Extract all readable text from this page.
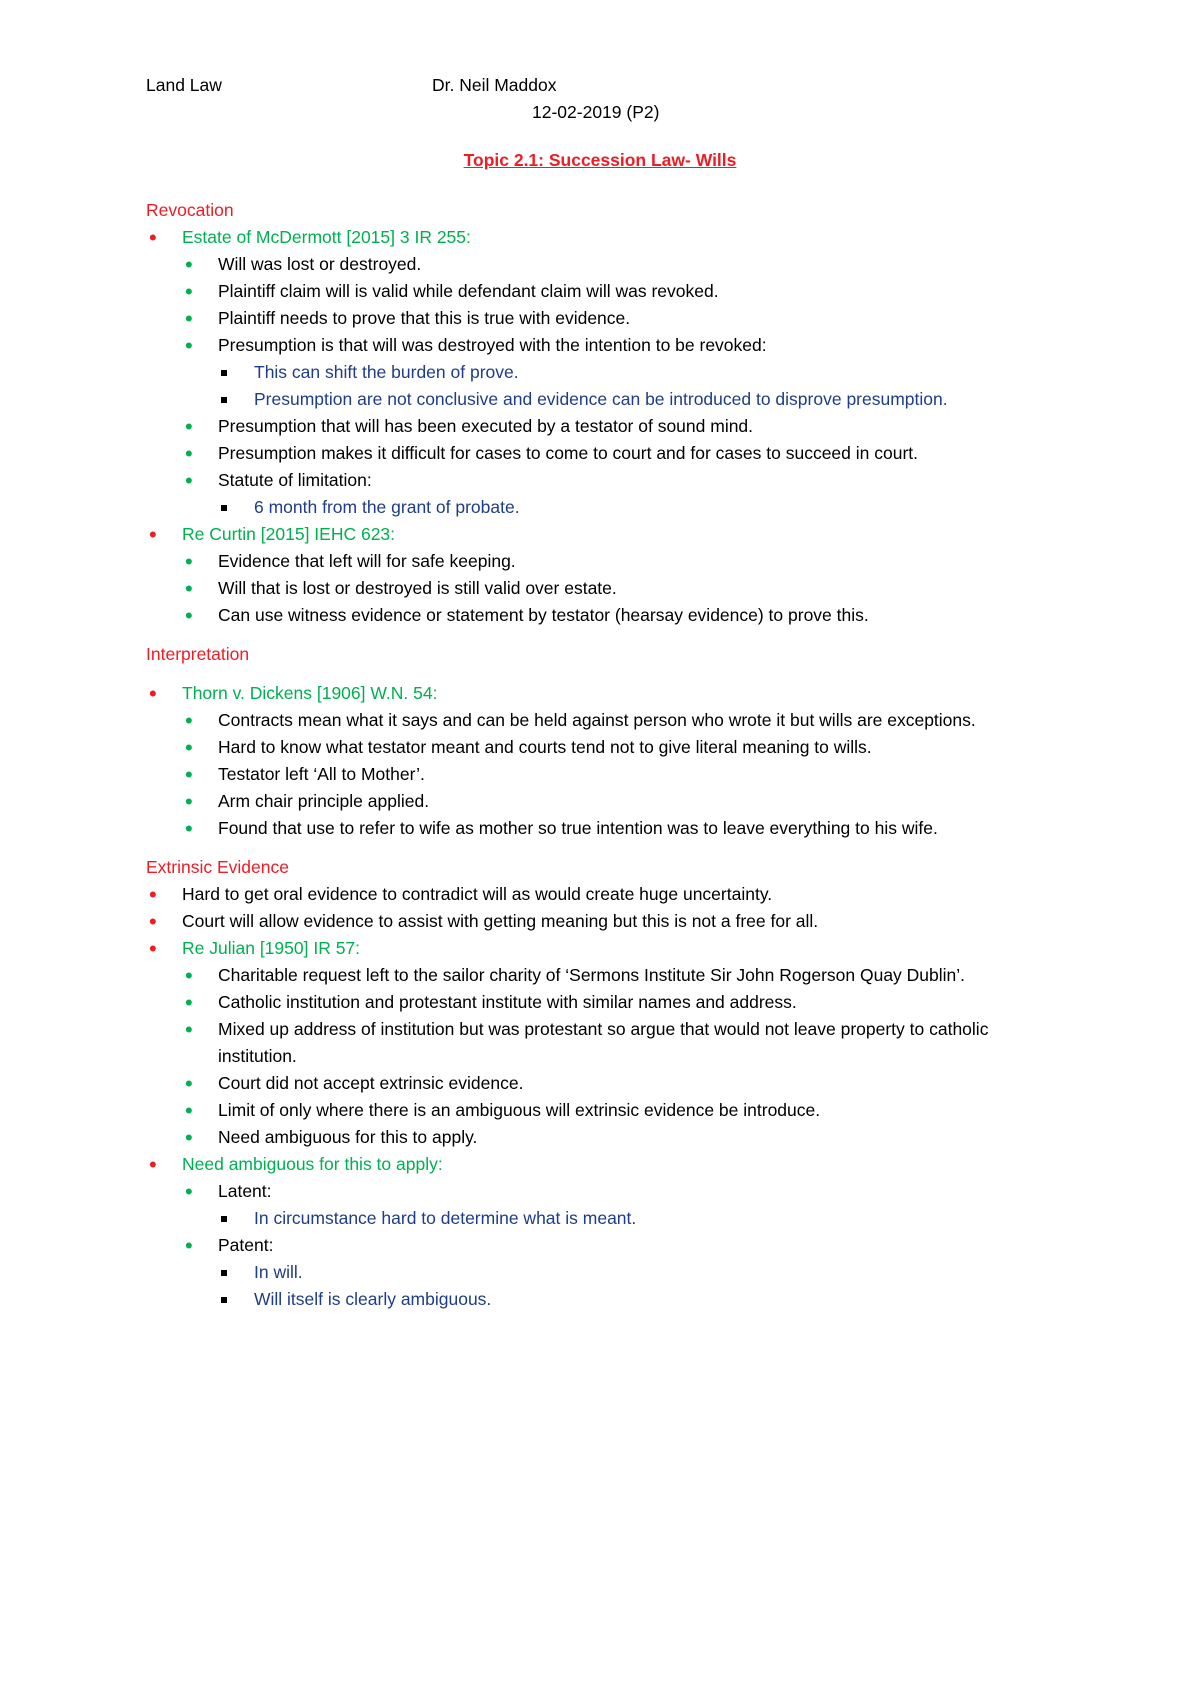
Land Law	Dr. Neil Maddox
12-02-2019 (P2)
Topic 2.1: Succession Law- Wills
Revocation
• Estate of McDermott [2015] 3 IR 255:
• Will was lost or destroyed.
• Plaintiff claim will is valid while defendant claim will was revoked.
• Plaintiff needs to prove that this is true with evidence.
• Presumption is that will was destroyed with the intention to be revoked:
This can shift the burden of prove.
Presumption are not conclusive and evidence can be introduced to disprove presumption.
• Presumption that will has been executed by a testator of sound mind.
• Presumption makes it difficult for cases to come to court and for cases to succeed in court.
• Statute of limitation:
6 month from the grant of probate.
• Re Curtin [2015] IEHC 623:
• Evidence that left will for safe keeping.
• Will that is lost or destroyed is still valid over estate.
• Can use witness evidence or statement by testator (hearsay evidence) to prove this.
Interpretation
• Thorn v. Dickens [1906] W.N. 54:
• Contracts mean what it says and can be held against person who wrote it but wills are exceptions.
• Hard to know what testator meant and courts tend not to give literal meaning to wills.
• Testator left ‘All to Mother’.
• Arm chair principle applied.
• Found that use to refer to wife as mother so true intention was to leave everything to his wife.
Extrinsic Evidence
• Hard to get oral evidence to contradict will as would create huge uncertainty.
• Court will allow evidence to assist with getting meaning but this is not a free for all.
• Re Julian [1950] IR 57:
• Charitable request left to the sailor charity of ‘Sermons Institute Sir John Rogerson Quay Dublin’.
• Catholic institution and protestant institute with similar names and address.
• Mixed up address of institution but was protestant so argue that would not leave property to catholic institution.
• Court did not accept extrinsic evidence.
• Limit of only where there is an ambiguous will extrinsic evidence be introduce.
• Need ambiguous for this to apply.
• Need ambiguous for this to apply:
• Latent:
In circumstance hard to determine what is meant.
• Patent:
In will.
Will itself is clearly ambiguous.
